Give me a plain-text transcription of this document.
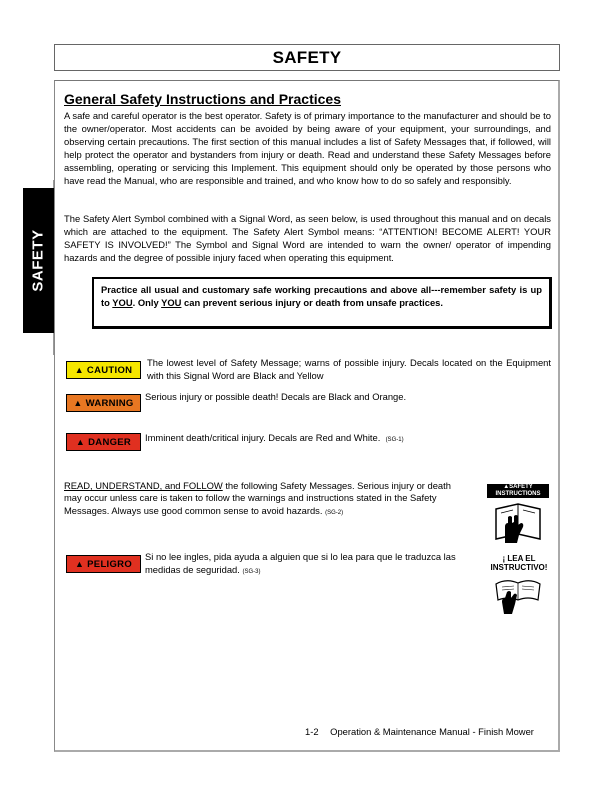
SAFETY
SAFETY
General Safety Instructions and Practices
A safe and careful operator is the best operator. Safety is of primary importance to the manufacturer and should be to the owner/operator. Most accidents can be avoided by being aware of your equipment, your surroundings, and observing certain precautions. The first section of this manual includes a list of Safety Messages that, if followed, will help protect the operator and bystanders from injury or death. Read and understand these Safety Messages before assembling, operating or servicing this Implement. This equipment should only be operated by those persons who have read the Manual, who are responsible and trained, and who know how to do so safely and responsibly.
The Safety Alert Symbol combined with a Signal Word, as seen below, is used throughout this manual and on decals which are attached to the equipment. The Safety Alert Symbol means: “ATTENTION! BECOME ALERT! YOUR SAFETY IS INVOLVED!” The Symbol and Signal Word are intended to warn the owner/ operator of impending hazards and the degree of possible injury faced when operating this equipment.
Practice all usual and customary safe working precautions and above all---remember safety is up to YOU. Only YOU can prevent serious injury or death from unsafe practices.
▲ CAUTION
The lowest level of Safety Message; warns of possible injury. Decals located on the Equipment with this Signal Word are Black and Yellow
▲ WARNING
Serious injury or possible death! Decals are Black and Orange.
▲ DANGER Imminent death/critical injury. Decals are Red and White. (SG-1)
READ, UNDERSTAND, and FOLLOW the following Safety Messages. Serious injury or death may occur unless care is taken to follow the warnings and instructions stated in the Safety Messages. Always use good common sense to avoid hazards. (SG-2)
▲SAFETY
INSTRUCTIONS
▲ PELIGRO
Si no lee ingles, pida ayuda a alguien que si lo lea para que le traduzca las medidas de seguridad. (SG-3)
¡ LEA EL
INSTRUCTIVO!
1-2 Operation & Maintenance Manual - Finish Mower
